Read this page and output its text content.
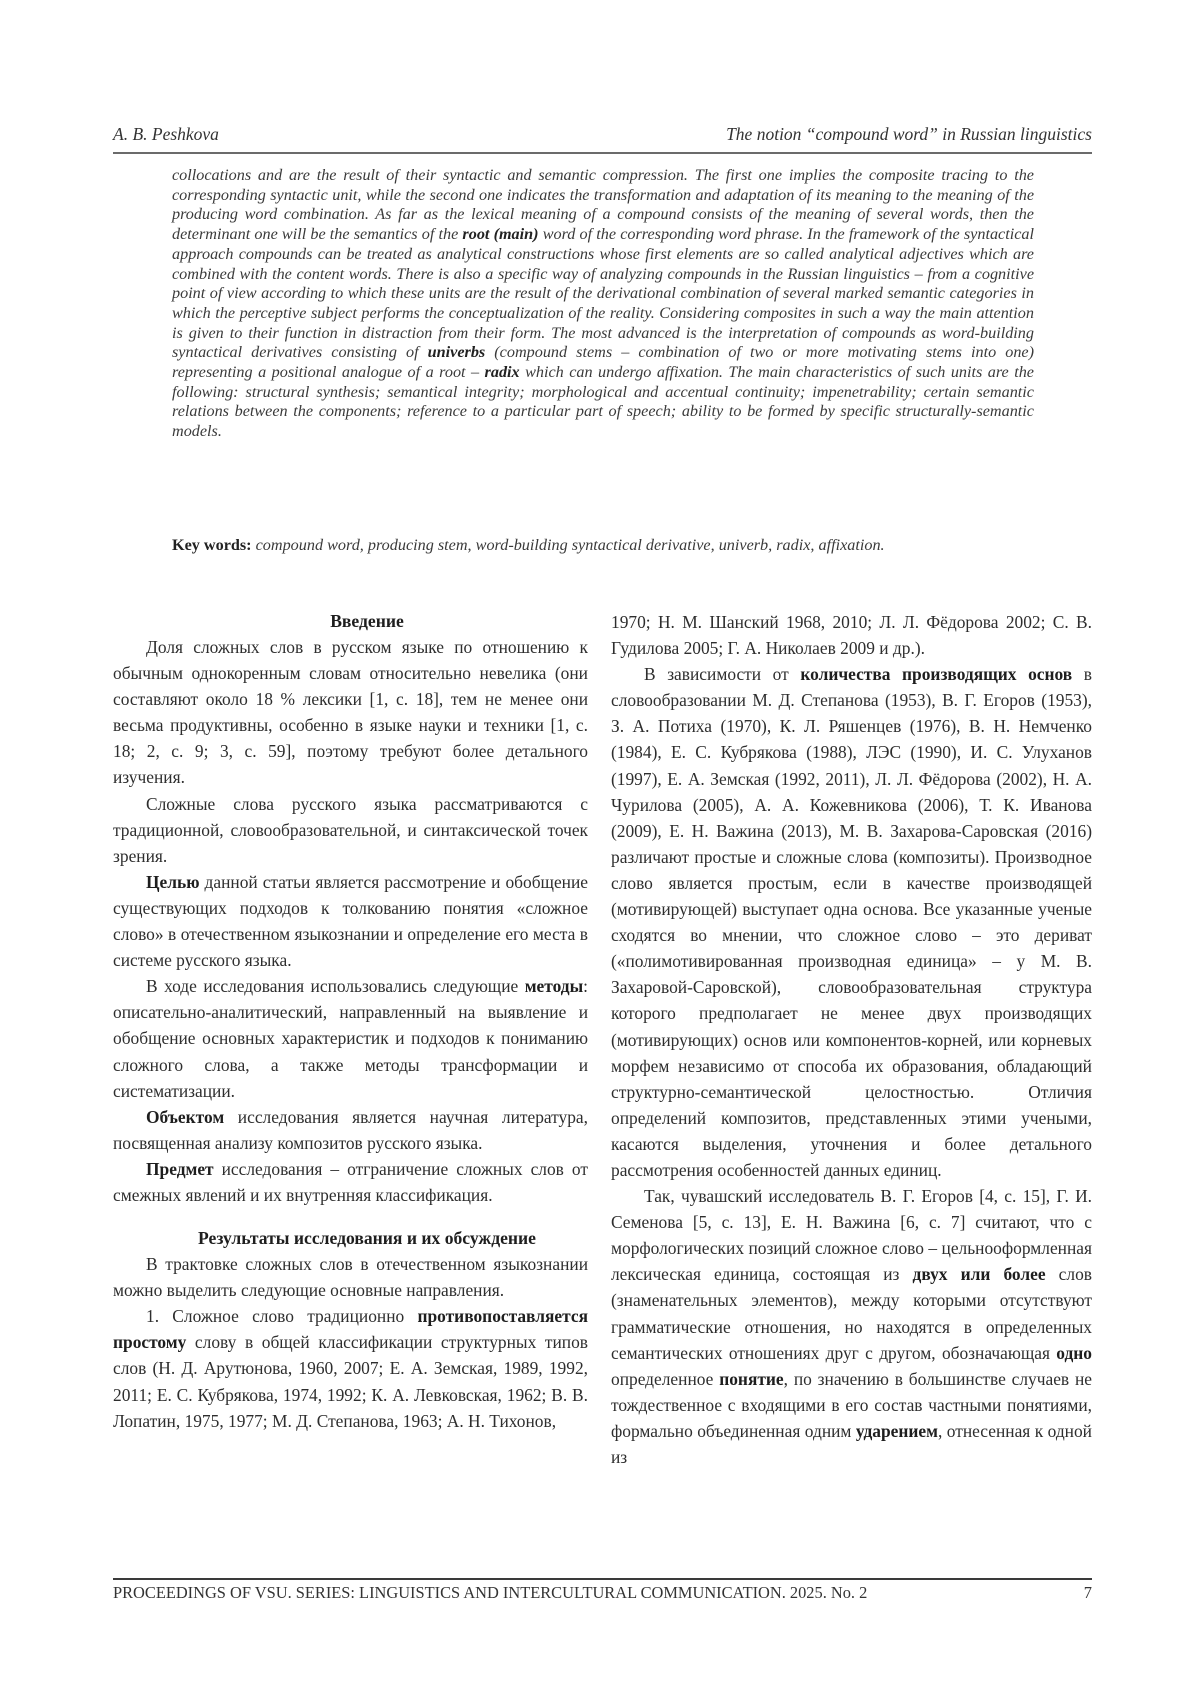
A. B. Peshkova	The notion “compound word” in Russian linguistics
collocations and are the result of their syntactic and semantic compression. The first one implies the composite tracing to the corresponding syntactic unit, while the second one indicates the transformation and adaptation of its meaning to the meaning of the producing word combination. As far as the lexical meaning of a compound consists of the meaning of several words, then the determinant one will be the semantics of the root (main) word of the corresponding word phrase. In the framework of the syntactical approach compounds can be treated as analytical constructions whose first elements are so called analytical adjectives which are combined with the content words. There is also a specific way of analyzing compounds in the Russian linguistics – from a cognitive point of view according to which these units are the result of the derivational combination of several marked semantic categories in which the perceptive subject performs the conceptualization of the reality. Considering composites in such a way the main attention is given to their function in distraction from their form. The most advanced is the interpretation of compounds as word-building syntactical derivatives consisting of univerbs (compound stems – combination of two or more motivating stems into one) representing a positional analogue of a root – radix which can undergo affixation. The main characteristics of such units are the following: structural synthesis; semantical integrity; morphological and accentual continuity; impenetrability; certain semantic relations between the components; reference to a particular part of speech; ability to be formed by specific structurally-semantic models.
Key words: compound word, producing stem, word-building syntactical derivative, univerb, radix, affixation.

Введение

Доля сложных слов в русском языке по отношению к обычным однокоренным словам относительно невелика (они составляют около 18 % лексики [1, с. 18], тем не менее они весьма продуктивны, особенно в языке науки и техники [1, с. 18; 2, с. 9; 3, с. 59], поэтому требуют более детального изучения.

Сложные слова русского языка рассматриваются с традиционной, словообразовательной, и синтаксической точек зрения.

Целью данной статьи является рассмотрение и обобщение существующих подходов к толкованию понятия «сложное слово» в отечественном языкознании и определение его места в системе русского языка.

В ходе исследования использовались следующие методы: описательно-аналитический, направленный на выявление и обобщение основных характеристик и подходов к пониманию сложного слова, а также методы трансформации и систематизации.

Объектом исследования является научная литература, посвященная анализу композитов русского языка.

Предмет исследования – отграничение сложных слов от смежных явлений и их внутренняя классификация.

Результаты исследования и их обсуждение

В трактовке сложных слов в отечественном языкознании можно выделить следующие основные направления.

1. Сложное слово традиционно противопоставляется простому слову в общей классификации структурных типов слов (Н. Д. Арутюнова, 1960, 2007; Е. А. Земская, 1989, 1992, 2011; Е. С. Кубрякова, 1974, 1992; К. А. Левковская, 1962; В. В. Лопатин, 1975, 1977; М. Д. Степанова, 1963; А. Н. Тихонов,

1970; Н. М. Шанский 1968, 2010; Л. Л. Фёдорова 2002; С. В. Гудилова 2005; Г. А. Николаев 2009 и др.).

В зависимости от количества производящих основ в словообразовании М. Д. Степанова (1953), В. Г. Егоров (1953), З. А. Потиха (1970), К. Л. Ряшенцев (1976), В. Н. Немченко (1984), Е. С. Кубрякова (1988), ЛЭС (1990), И. С. Улуханов (1997), Е. А. Земская (1992, 2011), Л. Л. Фёдорова (2002), Н. А. Чурилова (2005), А. А. Кожевникова (2006), Т. К. Иванова (2009), Е. Н. Важина (2013), М. В. Захарова-Саровская (2016) различают простые и сложные слова (композиты). Производное слово является простым, если в качестве производящей (мотивирующей) выступает одна основа. Все указанные ученые сходятся во мнении, что сложное слово – это дериват («полимотивированная производная единица» – у М. В. Захаровой-Саровской), словообразовательная структура которого предполагает не менее двух производящих (мотивирующих) основ или компонентов-корней, или корневых морфем независимо от способа их образования, обладающий структурно-семантической целостностью. Отличия определений композитов, представленных этими учеными, касаются выделения, уточнения и более детального рассмотрения особенностей данных единиц.

Так, чувашский исследователь В. Г. Егоров [4, с. 15], Г. И. Семенова [5, с. 13], Е. Н. Важина [6, с. 7] считают, что с морфологических позиций сложное слово – цельнооформленная лексическая единица, состоящая из двух или более слов (знаменательных элементов), между которыми отсутствуют грамматические отношения, но находятся в определенных семантических отношениях друг с другом, обозначающая одно определенное понятие, по значению в большинстве случаев не тождественное с входящими в его состав частными понятиями, формально объединенная одним ударением, отнесенная к одной из

PROCEEDINGS OF VSU. SERIES: LINGUISTICS AND INTERCULTURAL COMMUNICATION. 2025. No. 2	7
